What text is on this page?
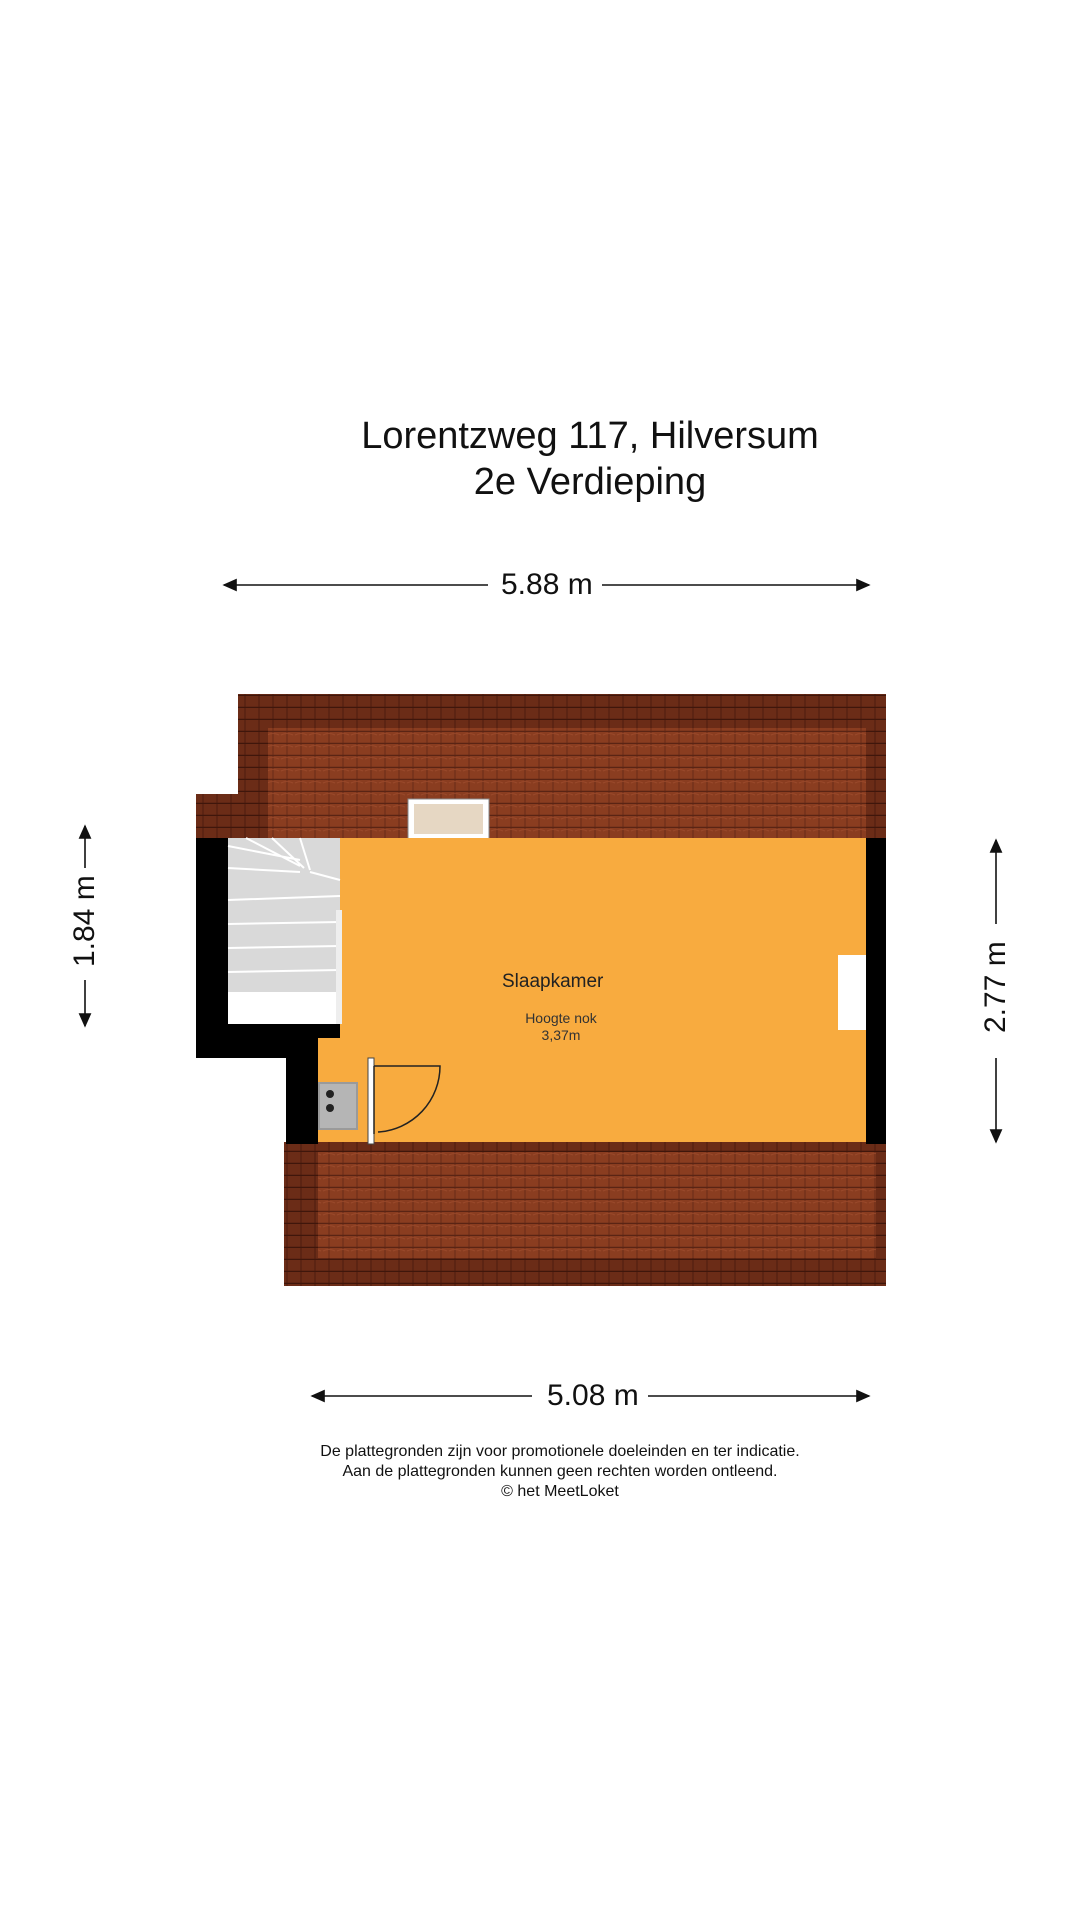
Lorentzweg 117, Hilversum
2e Verdieping
5.88 m
5.08 m
1.84 m
2.77 m
Slaapkamer
Hoogte nok
3,37m
De plattegronden zijn voor promotionele doeleinden en ter indicatie.
Aan de plattegronden kunnen geen rechten worden ontleend.
© het MeetLoket
